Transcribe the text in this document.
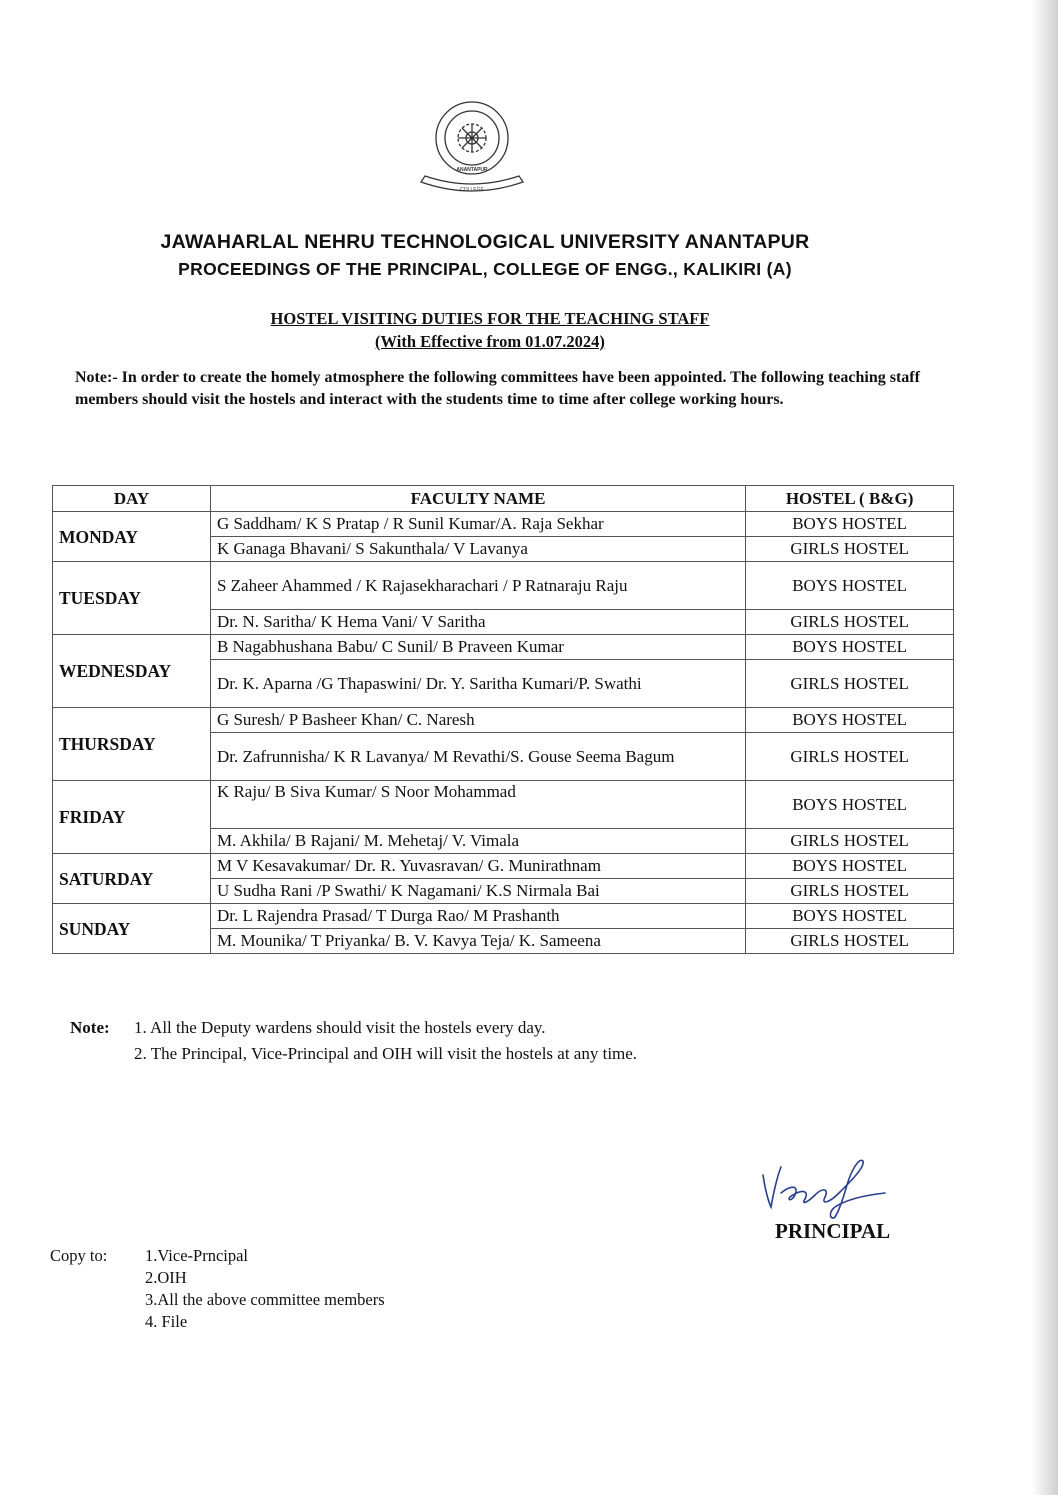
ANANTAPUR
COLLEGE
JAWAHARLAL NEHRU TECHNOLOGICAL UNIVERSITY ANANTAPUR
PROCEEDINGS OF THE PRINCIPAL, COLLEGE OF ENGG., KALIKIRI (A)
HOSTEL VISITING DUTIES FOR THE TEACHING STAFF
(With Effective from 01.07.2024)
Note:- In order to create the homely atmosphere the following committees have been appointed. The following teaching staff members should visit the hostels and interact with the students time to time after college working hours.
DAY	FACULTY NAME	HOSTEL ( B&G)
MONDAY	G Saddham/ K S Pratap / R Sunil Kumar/A. Raja Sekhar	BOYS HOSTEL
	K Ganaga Bhavani/ S Sakunthala/ V Lavanya	GIRLS HOSTEL
TUESDAY	S Zaheer Ahammed / K Rajasekharachari / P Ratnaraju Raju	BOYS HOSTEL
	Dr. N. Saritha/ K Hema Vani/ V Saritha	GIRLS HOSTEL
WEDNESDAY	B Nagabhushana Babu/ C Sunil/ B Praveen Kumar	BOYS HOSTEL
	Dr. K. Aparna /G Thapaswini/ Dr. Y. Saritha Kumari/P. Swathi	GIRLS HOSTEL
THURSDAY	G Suresh/ P Basheer Khan/ C. Naresh	BOYS HOSTEL
	Dr. Zafrunnisha/ K R Lavanya/ M Revathi/S. Gouse Seema Bagum	GIRLS HOSTEL
FRIDAY	K Raju/ B Siva Kumar/ S Noor Mohammad	BOYS HOSTEL
	M. Akhila/ B Rajani/ M. Mehetaj/ V. Vimala	GIRLS HOSTEL
SATURDAY	M V Kesavakumar/ Dr. R. Yuvasravan/ G. Munirathnam	BOYS HOSTEL
	U Sudha Rani /P Swathi/ K Nagamani/ K.S Nirmala Bai	GIRLS HOSTEL
SUNDAY	Dr. L Rajendra Prasad/ T Durga Rao/ M Prashanth	BOYS HOSTEL
	M. Mounika/ T Priyanka/ B. V. Kavya Teja/ K. Sameena	GIRLS HOSTEL
Note: 1. All the Deputy wardens should visit the hostels every day.
2. The Principal, Vice-Principal and OIH will visit the hostels at any time.
PRINCIPAL
Copy to: 1.Vice-Prncipal
2.OIH
3.All the above committee members
4. File
